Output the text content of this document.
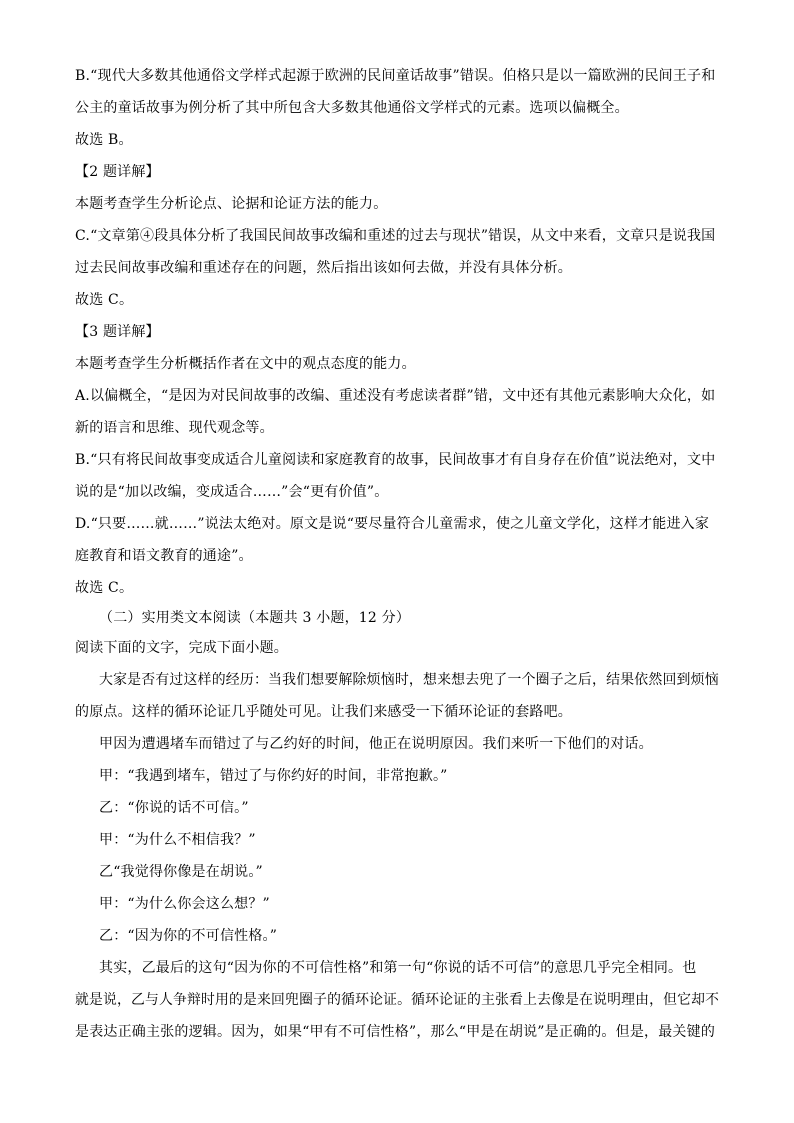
B.“现代大多数其他通俗文学样式起源于欧洲的民间童话故事”错误。伯格只是以一篇欧洲的民间王子和
公主的童话故事为例分析了其中所包含大多数其他通俗文学样式的元素。选项以偏概全。
故选 B。
【2 题详解】
本题考查学生分析论点、论据和论证方法的能力。
C.“文章第④段具体分析了我国民间故事改编和重述的过去与现状”错误，从文中来看，文章只是说我国
过去民间故事改编和重述存在的问题，然后指出该如何去做，并没有具体分析。
故选 C。
【3 题详解】
本题考查学生分析概括作者在文中的观点态度的能力。
A.以偏概全，“是因为对民间故事的改编、重述没有考虑读者群”错，文中还有其他元素影响大众化，如
新的语言和思维、现代观念等。
B.“只有将民间故事变成适合儿童阅读和家庭教育的故事，民间故事才有自身存在价值”说法绝对，文中
说的是“加以改编，变成适合……”会“更有价值”。
D.“只要……就……”说法太绝对。原文是说“要尽量符合儿童需求，使之儿童文学化，这样才能进入家
庭教育和语文教育的通途”。
故选 C。
（二）实用类文本阅读（本题共 3 小题，12 分）
阅读下面的文字，完成下面小题。
大家是否有过这样的经历：当我们想要解除烦恼时，想来想去兜了一个圈子之后，结果依然回到烦恼
的原点。这样的循环论证几乎随处可见。让我们来感受一下循环论证的套路吧。
甲因为遭遇堵车而错过了与乙约好的时间，他正在说明原因。我们来听一下他们的对话。
甲：“我遇到堵车，错过了与你约好的时间，非常抱歉。”
乙：“你说的话不可信。”
甲：“为什么不相信我？”
乙“我觉得你像是在胡说。”
甲：“为什么你会这么想？”
乙：“因为你的不可信性格。”
其实，乙最后的这句“因为你的不可信性格”和第一句“你说的话不可信”的意思几乎完全相同。也
就是说，乙与人争辩时用的是来回兜圈子的循环论证。循环论证的主张看上去像是在说明理由，但它却不
是表达正确主张的逻辑。因为，如果“甲有不可信性格”，那么“甲是在胡说”是正确的。但是，最关键的
